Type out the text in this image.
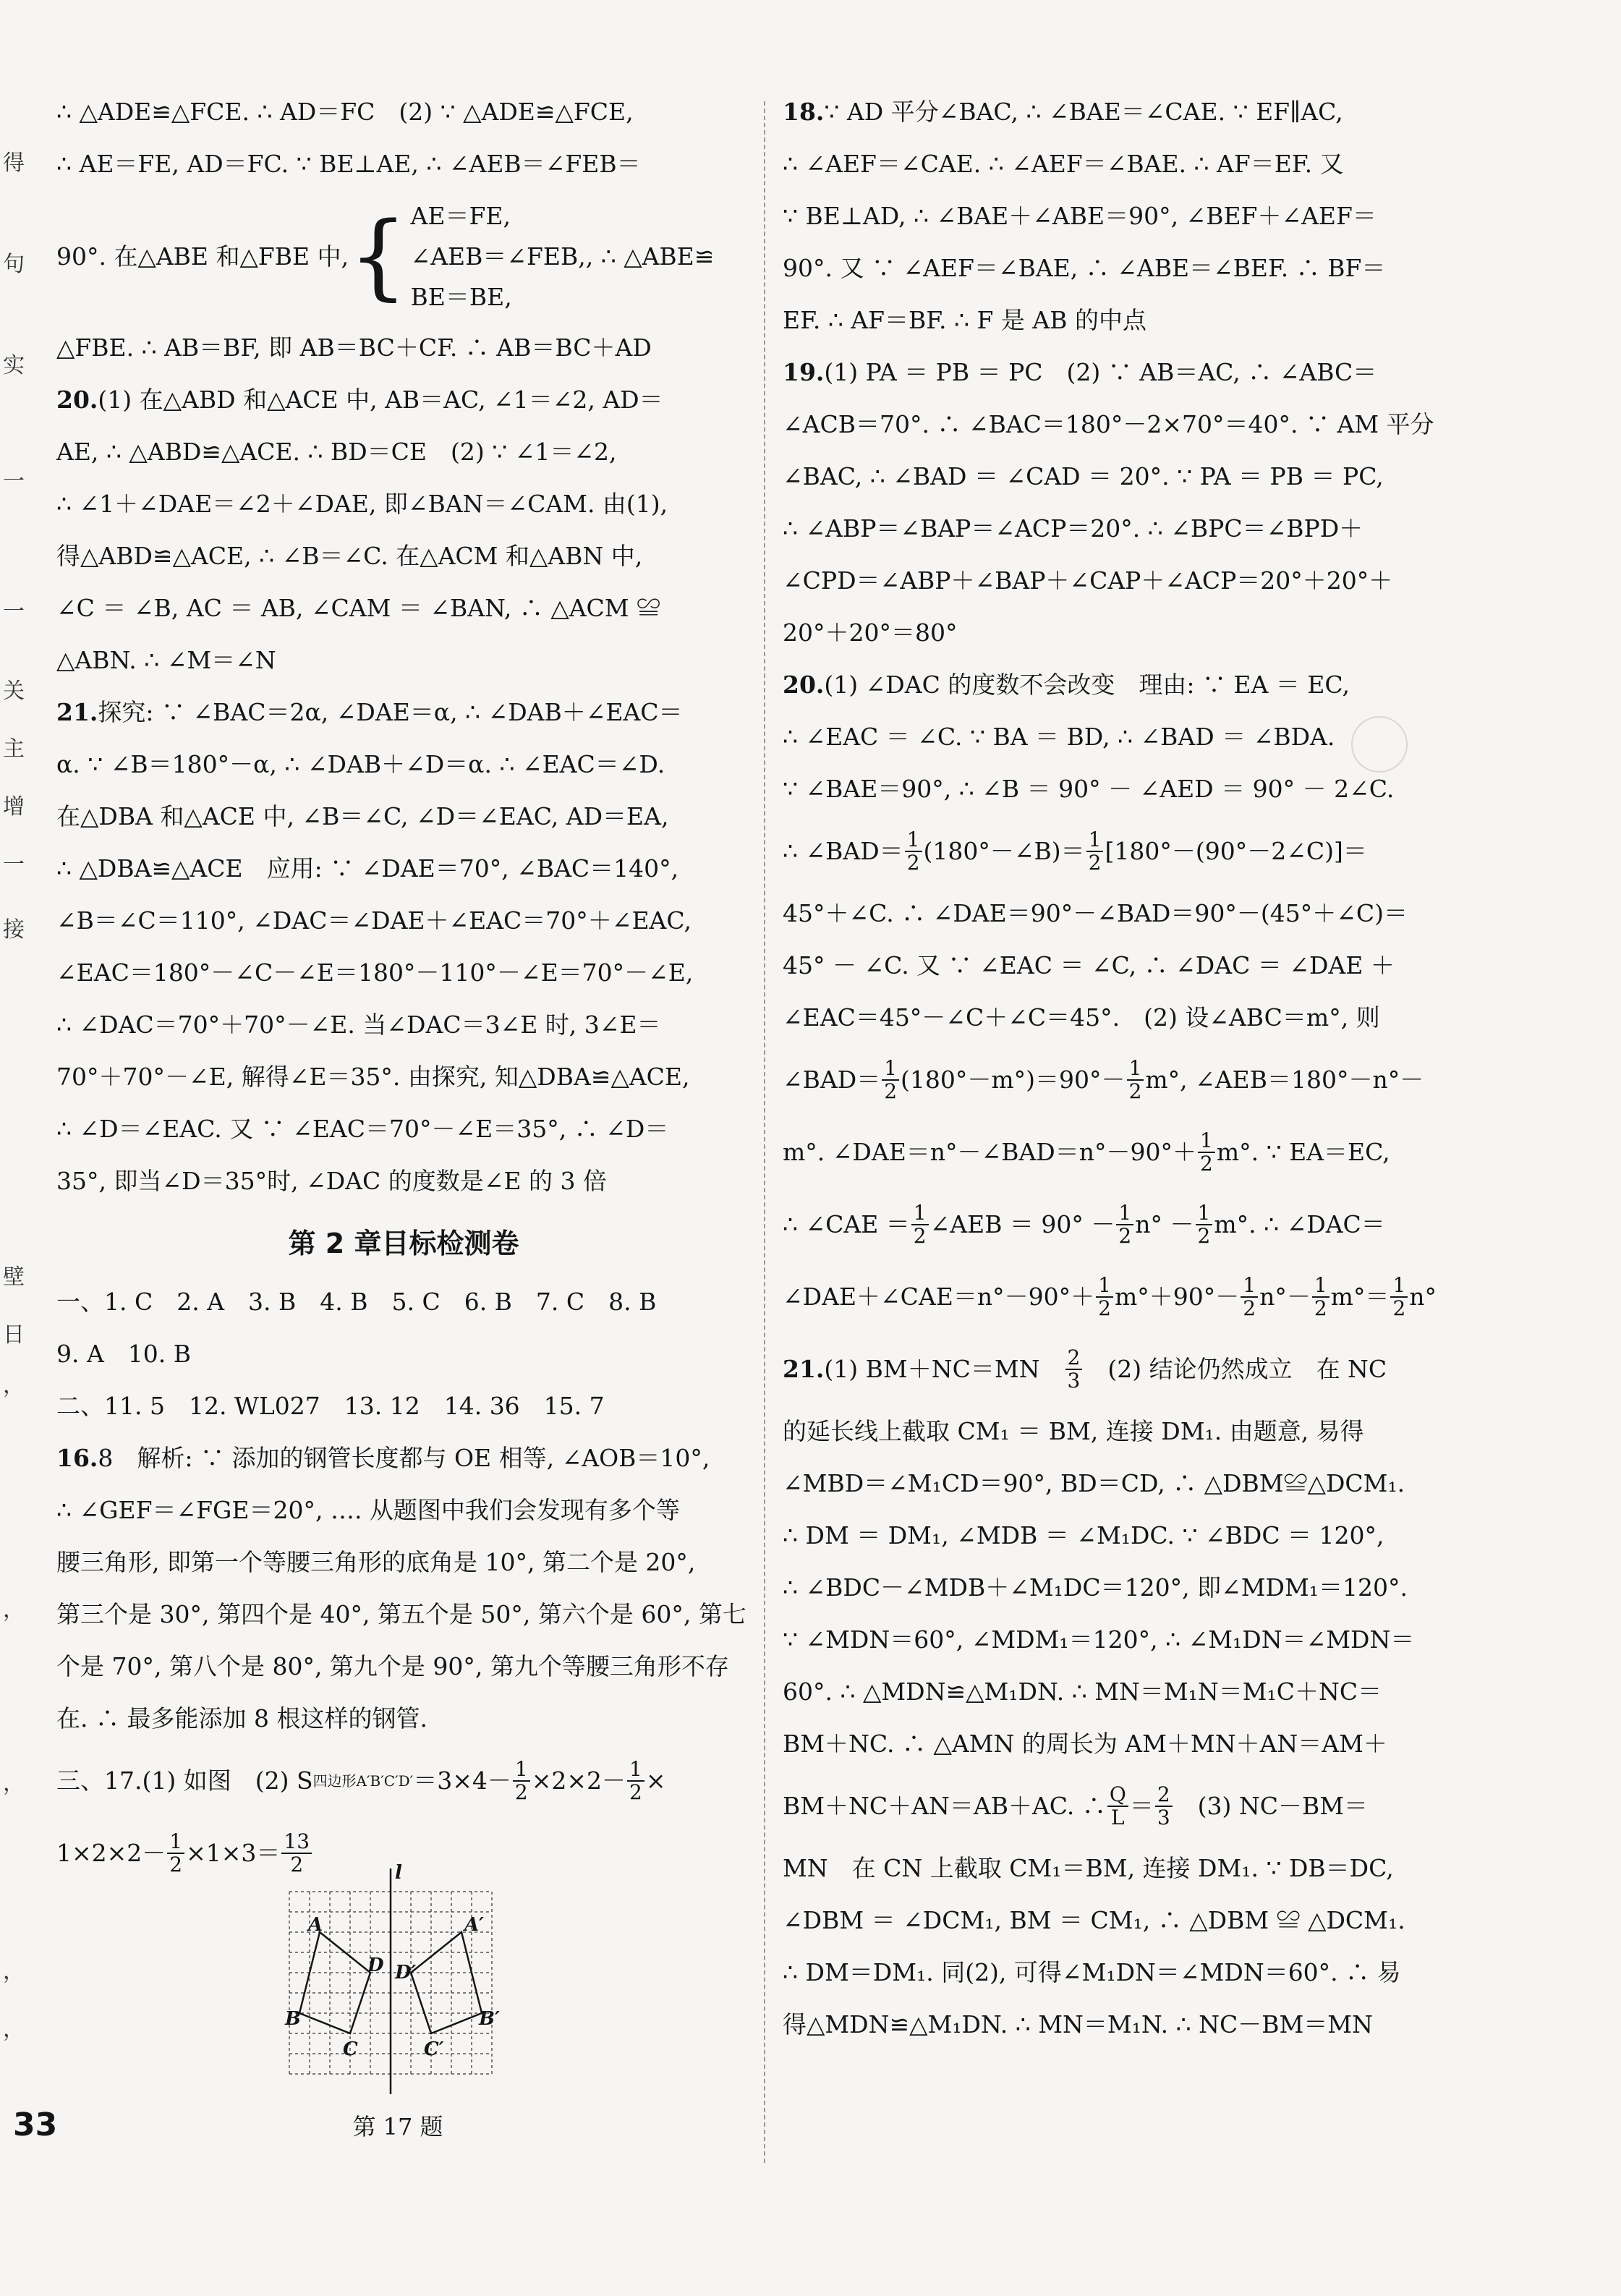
得
句
实
一
一
关
主
增
一
接
日
，
，
，
，
，
壁
∴ △ADE≌△FCE. ∴ AD＝FC　(2) ∵ △ADE≌△FCE,
∴ AE＝FE, AD＝FC. ∵ BE⊥AE, ∴ ∠AEB＝∠FEB＝
90°. 在△ABE 和△FBE 中, { AE＝FE,
∠AEB＝∠FEB,
BE＝BE,
, ∴ △ABE≌
△FBE. ∴ AB＝BF, 即 AB＝BC＋CF. ∴ AB＝BC＋AD
20. (1) 在△ABD 和△ACE 中, AB＝AC, ∠1＝∠2, AD＝
AE, ∴ △ABD≌△ACE. ∴ BD＝CE　(2) ∵ ∠1＝∠2,
∴ ∠1＋∠DAE＝∠2＋∠DAE, 即∠BAN＝∠CAM. 由(1),
得△ABD≌△ACE, ∴ ∠B＝∠C. 在△ACM 和△ABN 中,
∠C ＝ ∠B, AC ＝ AB, ∠CAM ＝ ∠BAN, ∴ △ACM ≌
△ABN. ∴ ∠M＝∠N
21. 探究: ∵ ∠BAC＝2α, ∠DAE＝α, ∴ ∠DAB＋∠EAC＝
α. ∵ ∠B＝180°－α, ∴ ∠DAB＋∠D＝α. ∴ ∠EAC＝∠D.
在△DBA 和△ACE 中, ∠B＝∠C, ∠D＝∠EAC, AD＝EA,
∴ △DBA≌△ACE　应用: ∵ ∠DAE＝70°, ∠BAC＝140°,
∠B＝∠C＝110°, ∠DAC＝∠DAE＋∠EAC＝70°＋∠EAC,
∠EAC＝180°－∠C－∠E＝180°－110°－∠E＝70°－∠E,
∴ ∠DAC＝70°＋70°－∠E. 当∠DAC＝3∠E 时, 3∠E＝
70°＋70°－∠E, 解得∠E＝35°. 由探究, 知△DBA≌△ACE,
∴ ∠D＝∠EAC. 又 ∵ ∠EAC＝70°－∠E＝35°, ∴ ∠D＝
35°, 即当∠D＝35°时, ∠DAC 的度数是∠E 的 3 倍
第 2 章目标检测卷
一、1. C　2. A　3. B　4. B　5. C　6. B　7. C　8. B
9. A　10. B
二、11. 5　12. WL027　13. 12　14. 36　15. 7
16. 8　解析: ∵ 添加的钢管长度都与 OE 相等, ∠AOB＝10°,
∴ ∠GEF＝∠FGE＝20°, …. 从题图中我们会发现有多个等
腰三角形, 即第一个等腰三角形的底角是 10°, 第二个是 20°,
第三个是 30°, 第四个是 40°, 第五个是 50°, 第六个是 60°, 第七
个是 70°, 第八个是 80°, 第九个是 90°, 第九个等腰三角形不存
在. ∴ 最多能添加 8 根这样的钢管.
三、17. (1) 如图　(2) S 四边形$A'B'C'D' =3\times 4- \frac{1}{2} \times 2\times 2- \frac{1}{2}$ ×
$1\times 2\times 2- \frac{1}{2} \times 1\times 3= \frac{13}{2}$	l
A
B
C
D
A′
B′
C′
D′
第 17 题
18. ∵ AD 平分∠BAC, ∴ ∠BAE＝∠CAE. ∵ EF∥AC,
∴ ∠AEF＝∠CAE. ∴ ∠AEF＝∠BAE. ∴ AF＝EF. 又
∵ BE⊥AD, ∴ ∠BAE＋∠ABE＝90°, ∠BEF＋∠AEF＝
90°. 又 ∵ ∠AEF＝∠BAE, ∴ ∠ABE＝∠BEF. ∴ BF＝
EF. ∴ AF＝BF. ∴ F 是 AB 的中点
19. (1) PA ＝ PB ＝ PC　(2) ∵ AB＝AC, ∴ ∠ABC＝
∠ACB＝70°. ∴ ∠BAC＝180°－2×70°＝40°. ∵ AM 平分
∠BAC, ∴ ∠BAD ＝ ∠CAD ＝ 20°. ∵ PA ＝ PB ＝ PC,
∴ ∠ABP＝∠BAP＝∠ACP＝20°. ∴ ∠BPC＝∠BPD＋
∠CPD＝∠ABP＋∠BAP＋∠CAP＋∠ACP＝20°＋20°＋
20°＋20°＝80°
20. (1) ∠DAC 的度数不会改变　理由: ∵ EA ＝ EC,
∴ ∠EAC ＝ ∠C. ∵ BA ＝ BD, ∴ ∠BAD ＝ ∠BDA.
∵ ∠BAE＝90°, ∴ ∠B ＝ 90° － ∠AED ＝ 90° － 2∠C.
∴ ∠BAD＝ $\frac{1}{2}$ (180°－∠B)＝ $\frac{1}{2}$ [180°－(90°－2∠C)]＝
45°＋∠C. ∴ ∠DAE＝90°－∠BAD＝90°－(45°＋∠C)＝
45° － ∠C. 又 ∵ ∠EAC ＝ ∠C, ∴ ∠DAC ＝ ∠DAE ＋
∠EAC＝45°－∠C＋∠C＝45°.　(2) 设∠ABC＝m°, 则
∠BAD＝ $\frac{1}{2} (180^\circ-m^\circ)=90^\circ- \frac{1}{2} m^\circ$, ∠AEB＝180°－n°－
m°. ∠DAE＝n°－∠BAD＝n°－90°＋ $\frac{1}{2} m^\circ$. ∵ EA＝EC,
∴ ∠CAE ＝ $\frac{1}{2}$ ∠AEB ＝ $90^\circ - \frac{1}{2} n^\circ - \frac{1}{2} m^\circ$. ∴ ∠DAC＝
∠DAE＋∠CAE＝n°－90°＋ $\frac{1}{2} m^\circ+90^\circ- \frac{1}{2} n^\circ- \frac{1}{2} m^\circ= \frac{1}{2} n^\circ$
21. (1) BM＋NC＝MN　 $\frac{2}{3}$ 　(2) 结论仍然成立　在 NC
的延长线上截取 CM₁ ＝ BM, 连接 DM₁. 由题意, 易得
∠MBD＝∠M₁CD＝90°, BD＝CD, ∴ △DBM≌△DCM₁.
∴ DM ＝ DM₁, ∠MDB ＝ ∠M₁DC. ∵ ∠BDC ＝ 120°,
∴ ∠BDC－∠MDB＋∠M₁DC＝120°, 即∠MDM₁＝120°.
∵ ∠MDN＝60°, ∠MDM₁＝120°, ∴ ∠M₁DN＝∠MDN＝
60°. ∴ △MDN≌△M₁DN. ∴ MN＝M₁N＝M₁C＋NC＝
BM＋NC. ∴ △AMN 的周长为 AM＋MN＋AN＝AM＋
BM＋NC＋AN＝AB＋AC. ∴ $\frac{Q}{L} = \frac{2}{3}$ 　(3) NC－BM＝
MN　在 CN 上截取 CM₁＝BM, 连接 DM₁. ∵ DB＝DC,
∠DBM ＝ ∠DCM₁, BM ＝ CM₁, ∴ △DBM ≌ △DCM₁.
∴ DM＝DM₁. 同(2), 可得∠M₁DN＝∠MDN＝60°. ∴ 易
得△MDN≌△M₁DN. ∴ MN＝M₁N. ∴ NC－BM＝MN
33
